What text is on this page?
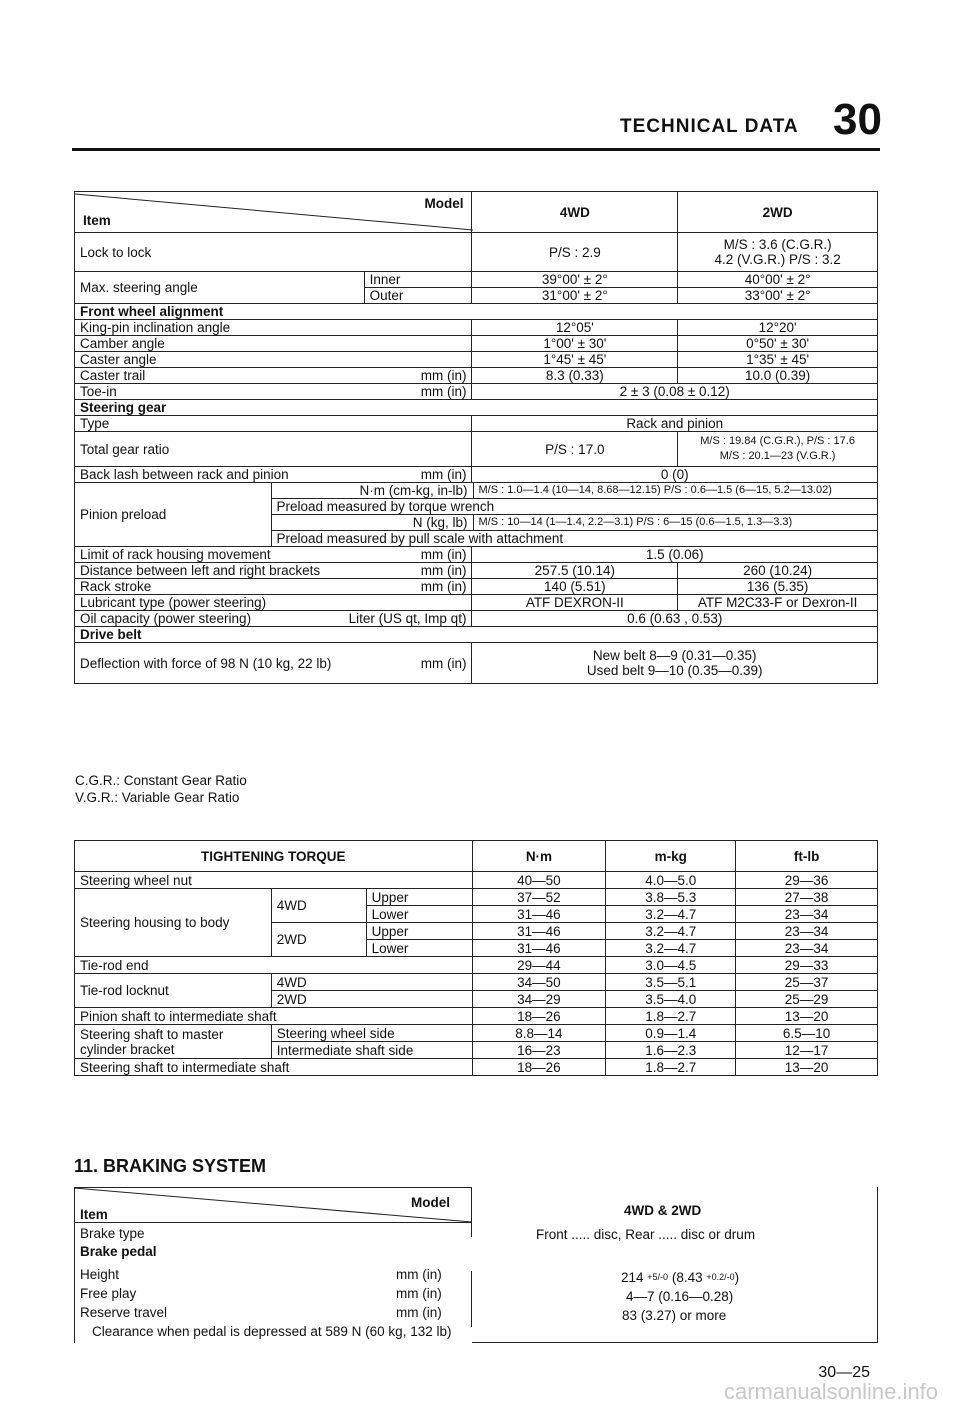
TECHNICAL DATA 30
Model
Item
	4WD	2WD
Lock to lock	P/S : 2.9	M/S : 3.6 (C.G.R.)
4.2 (V.G.R.) P/S : 3.2

Max. steering angle	Inner	39°00' ± 2°	40°00' ± 2°
Outer	31°00' ± 2°	33°00' ± 2°
Front wheel alignment
King-pin inclination angle	12°05'	12°20'
Camber angle	1°00' ± 30'	0°50' ± 30'
Caster angle	1°45' ± 45'	1°35' ± 45'
Caster trail	mm (in)	8.3 (0.33)	10.0 (0.39)
Toe-in	mm (in)	2 ± 3 (0.08 ± 0.12)
Steering gear
Type	Rack and pinion
Total gear ratio	P/S : 17.0	
M/S : 19.84 (C.G.R.), P/S : 17.6
M/S : 20.1—23 (V.G.R.)

Back lash between rack and pinion	mm (in)	0 (0)

Pinion preload	N·m (cm-kg, in-lb)	M/S : 1.0—1.4 (10—14, 8.68—12.15) P/S : 0.6—1.5 (6—15, 5.2—13.02)
Preload measured by torque wrench
N (kg, lb)	M/S : 10—14 (1—1.4, 2.2—3.1) P/S : 6—15 (0.6—1.5, 1.3—3.3)
Preload measured by pull scale with attachment

Limit of rack housing movement	mm (in)	1.5 (0.06)
Distance between left and right brackets	mm (in)	257.5 (10.14)	260 (10.24)
Rack stroke	mm (in)	140 (5.51)	136 (5.35)
Lubricant type (power steering)	ATF DEXRON-II	ATF M2C33-F or Dexron-II
Oil capacity (power steering)	Liter (US qt, Imp qt)	0.6 (0.63 , 0.53)
Drive belt
Deflection with force of 98 N (10 kg, 22 lb)	mm (in)	New belt 8—9 (0.31—0.35)
Used belt 9—10 (0.35—0.39)
C.G.R.: Constant Gear Ratio
V.G.R.: Variable Gear Ratio
TIGHTENING TORQUE			N·m	m-kg	ft-lb
Steering wheel nut			40—50	4.0—5.0	29—36
Steering housing to body	4WD	Upper	37—52	3.8—5.3	27—38
		Lower	31—46	3.2—4.7	23—34
	2WD	Upper	31—46	3.2—4.7	23—34
		Lower	31—46	3.2—4.7	23—34
Tie-rod end			29—44	3.0—4.5	29—33
Tie-rod locknut	4WD		34—50	3.5—5.1	25—37
	2WD		34—29	3.5—4.0	25—29
Pinion shaft to intermediate shaft			18—26	1.8—2.7	13—20

Steering shaft to master
cylinder bracket	Steering wheel side		8.8—14	0.9—1.4	6.5—10
	Intermediate shaft side		16—23	1.6—2.3	12—17
Steering shaft to intermediate shaft			18—26	1.8—2.7	13—20
11. BRAKING SYSTEM
Model
Item	4WD & 2WD
Brake type	Front ..... disc, Rear ..... disc or drum
Brake pedal
Height	mm (in)	214 +5/-0 (8.43 +0.2/-0)
Free play	mm (in)	4—7 (0.16—0.28)
Reserve travel	mm (in)	83 (3.27) or more
Clearance when pedal is depressed at 589 N (60 kg, 132 lb)
30—25
carmanualsonline.info
